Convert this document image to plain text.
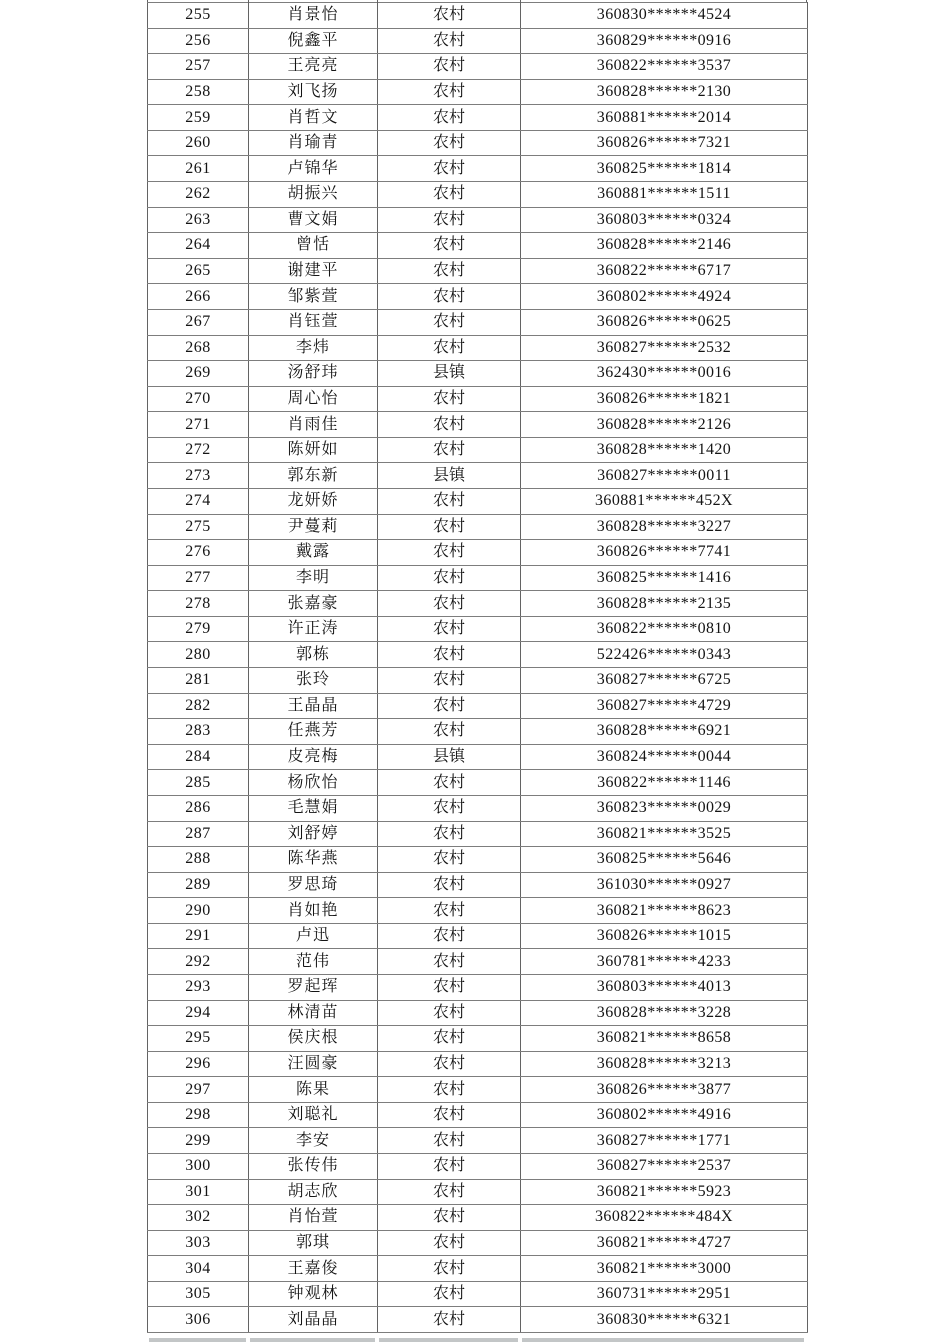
255	肖景怡	农村	360830******4524
256	倪鑫平	农村	360829******0916
257	王亮亮	农村	360822******3537
258	刘飞扬	农村	360828******2130
259	肖哲文	农村	360881******2014
260	肖瑜青	农村	360826******7321
261	卢锦华	农村	360825******1814
262	胡振兴	农村	360881******1511
263	曹文娟	农村	360803******0324
264	曾恬	农村	360828******2146
265	谢建平	农村	360822******6717
266	邹紫萱	农村	360802******4924
267	肖钰萱	农村	360826******0625
268	李炜	农村	360827******2532
269	汤舒玮	县镇	362430******0016
270	周心怡	农村	360826******1821
271	肖雨佳	农村	360828******2126
272	陈妍如	农村	360828******1420
273	郭东新	县镇	360827******0011
274	龙妍娇	农村	360881******452X
275	尹蔓莉	农村	360828******3227
276	戴露	农村	360826******7741
277	李明	农村	360825******1416
278	张嘉豪	农村	360828******2135
279	许正涛	农村	360822******0810
280	郭栋	农村	522426******0343
281	张玲	农村	360827******6725
282	王晶晶	农村	360827******4729
283	任燕芳	农村	360828******6921
284	皮亮梅	县镇	360824******0044
285	杨欣怡	农村	360822******1146
286	毛慧娟	农村	360823******0029
287	刘舒婷	农村	360821******3525
288	陈华燕	农村	360825******5646
289	罗思琦	农村	361030******0927
290	肖如艳	农村	360821******8623
291	卢迅	农村	360826******1015
292	范伟	农村	360781******4233
293	罗起珲	农村	360803******4013
294	林清苗	农村	360828******3228
295	侯庆根	农村	360821******8658
296	汪圆豪	农村	360828******3213
297	陈果	农村	360826******3877
298	刘聪礼	农村	360802******4916
299	李安	农村	360827******1771
300	张传伟	农村	360827******2537
301	胡志欣	农村	360821******5923
302	肖怡萱	农村	360822******484X
303	郭琪	农村	360821******4727
304	王嘉俊	农村	360821******3000
305	钟观林	农村	360731******2951
306	刘晶晶	农村	360830******6321
